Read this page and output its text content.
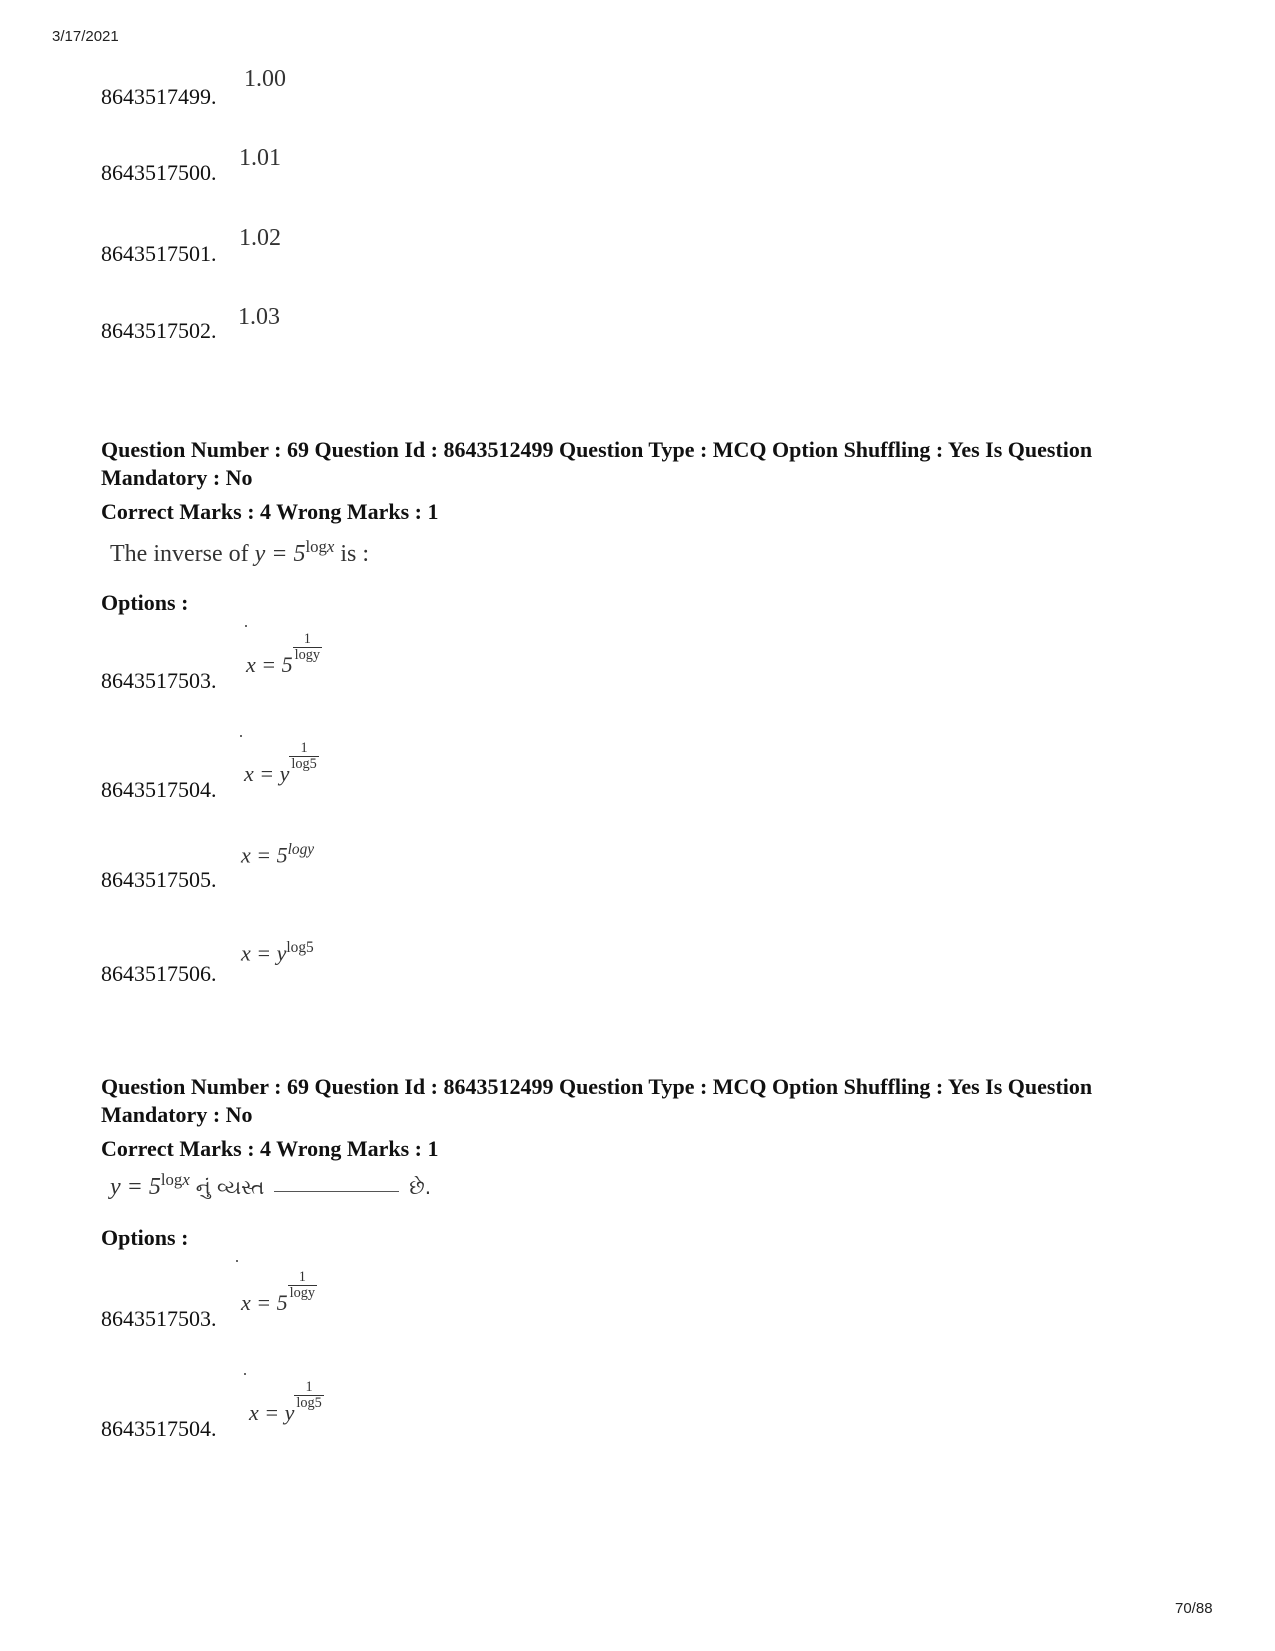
3/17/2021
8643517499.
1.00
8643517500.
1.01
8643517501.
1.02
8643517502.
1.03
Question Number : 69 Question Id : 8643512499 Question Type : MCQ Option Shuffling : Yes Is Question Mandatory : No
Correct Marks : 4 Wrong Marks : 1
The inverse of $y = 5^{logx}$ is :
Options :
8643517503.
x = 5
$\frac{1}{\log y}$
8643517504.
x = y
$\frac{1}{\log 5}$
8643517505.
$x = 5^{logy}$
8643517506.
$x = y^{log5}$
Question Number : 69 Question Id : 8643512499 Question Type : MCQ Option Shuffling : Yes Is Question Mandatory : No
Correct Marks : 4 Wrong Marks : 1
$y = 5^{logx}$ નું વ્યસ્ત	છે.
Options :
8643517503.
x = 5
$\frac{1}{\log y}$
8643517504.
x = y
$\frac{1}{\log 5}$
70/88
